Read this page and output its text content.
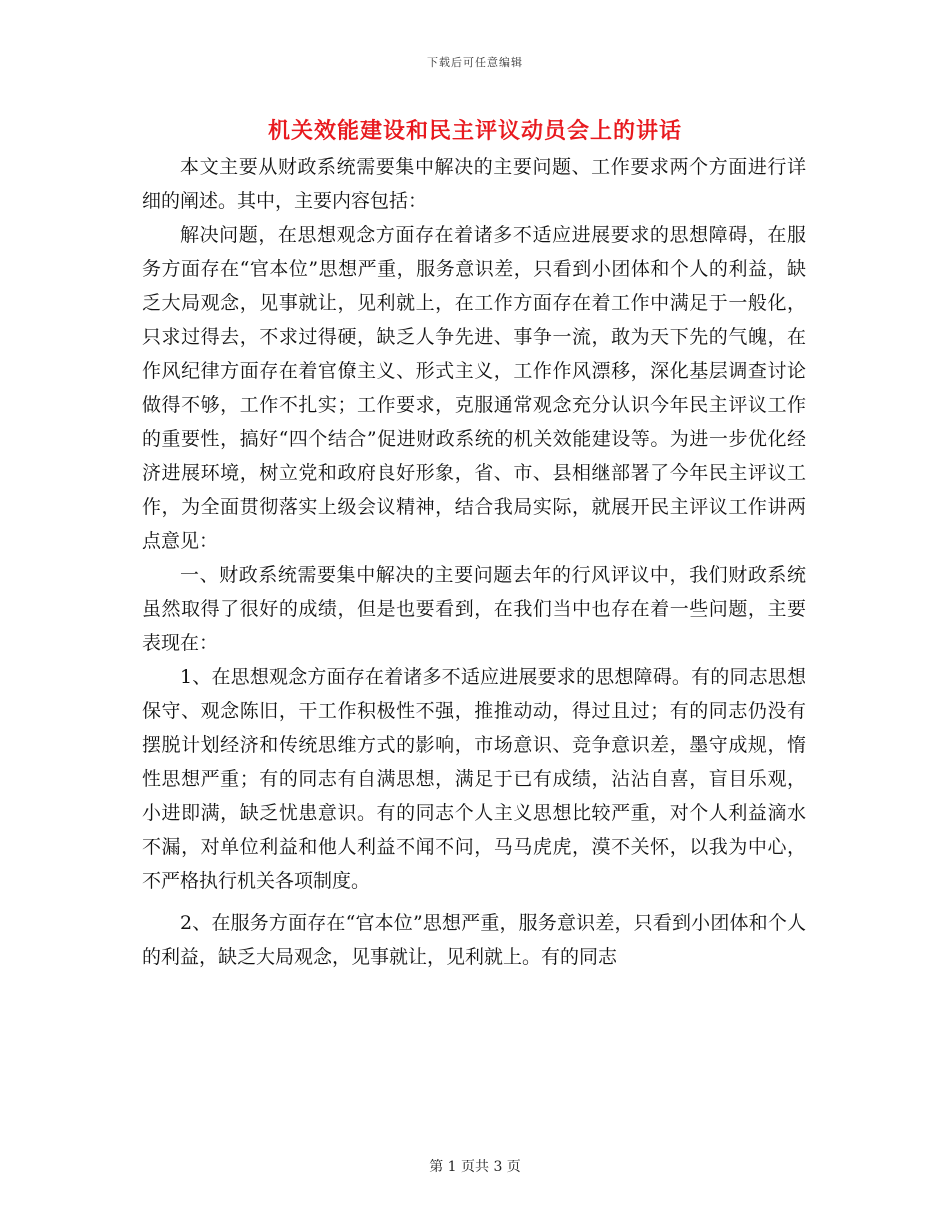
下载后可任意编辑
机关效能建设和民主评议动员会上的讲话

本文主要从财政系统需要集中解决的主要问题、工作要求两个方面进行详细的阐述。其中，主要内容包括：

解决问题，在思想观念方面存在着诸多不适应进展要求的思想障碍，在服务方面存在“官本位”思想严重，服务意识差，只看到小团体和个人的利益，缺乏大局观念，见事就让，见利就上，在工作方面存在着工作中满足于一般化，只求过得去，不求过得硬，缺乏人争先进、事争一流，敢为天下先的气魄，在作风纪律方面存在着官僚主义、形式主义，工作作风漂移，深化基层调查讨论做得不够，工作不扎实；工作要求，克服通常观念充分认识今年民主评议工作的重要性，搞好“四个结合”促进财政系统的机关效能建设等。为进一步优化经济进展环境，树立党和政府良好形象，省、市、县相继部署了今年民主评议工作，为全面贯彻落实上级会议精神，结合我局实际，就展开民主评议工作讲两点意见：

一、财政系统需要集中解决的主要问题去年的行风评议中，我们财政系统虽然取得了很好的成绩，但是也要看到，在我们当中也存在着一些问题，主要表现在：

1、在思想观念方面存在着诸多不适应进展要求的思想障碍。有的同志思想保守、观念陈旧，干工作积极性不强，推推动动，得过且过；有的同志仍没有摆脱计划经济和传统思维方式的影响，市场意识、竞争意识差，墨守成规，惰性思想严重；有的同志有自满思想，满足于已有成绩，沾沾自喜，盲目乐观，小进即满，缺乏忧患意识。有的同志个人主义思想比较严重，对个人利益滴水不漏，对单位利益和他人利益不闻不问，马马虎虎，漠不关怀，以我为中心，不严格执行机关各项制度。

2、在服务方面存在“官本位”思想严重，服务意识差，只看到小团体和个人的利益，缺乏大局观念，见事就让，见利就上。有的同志

第 1 页共 3 页
